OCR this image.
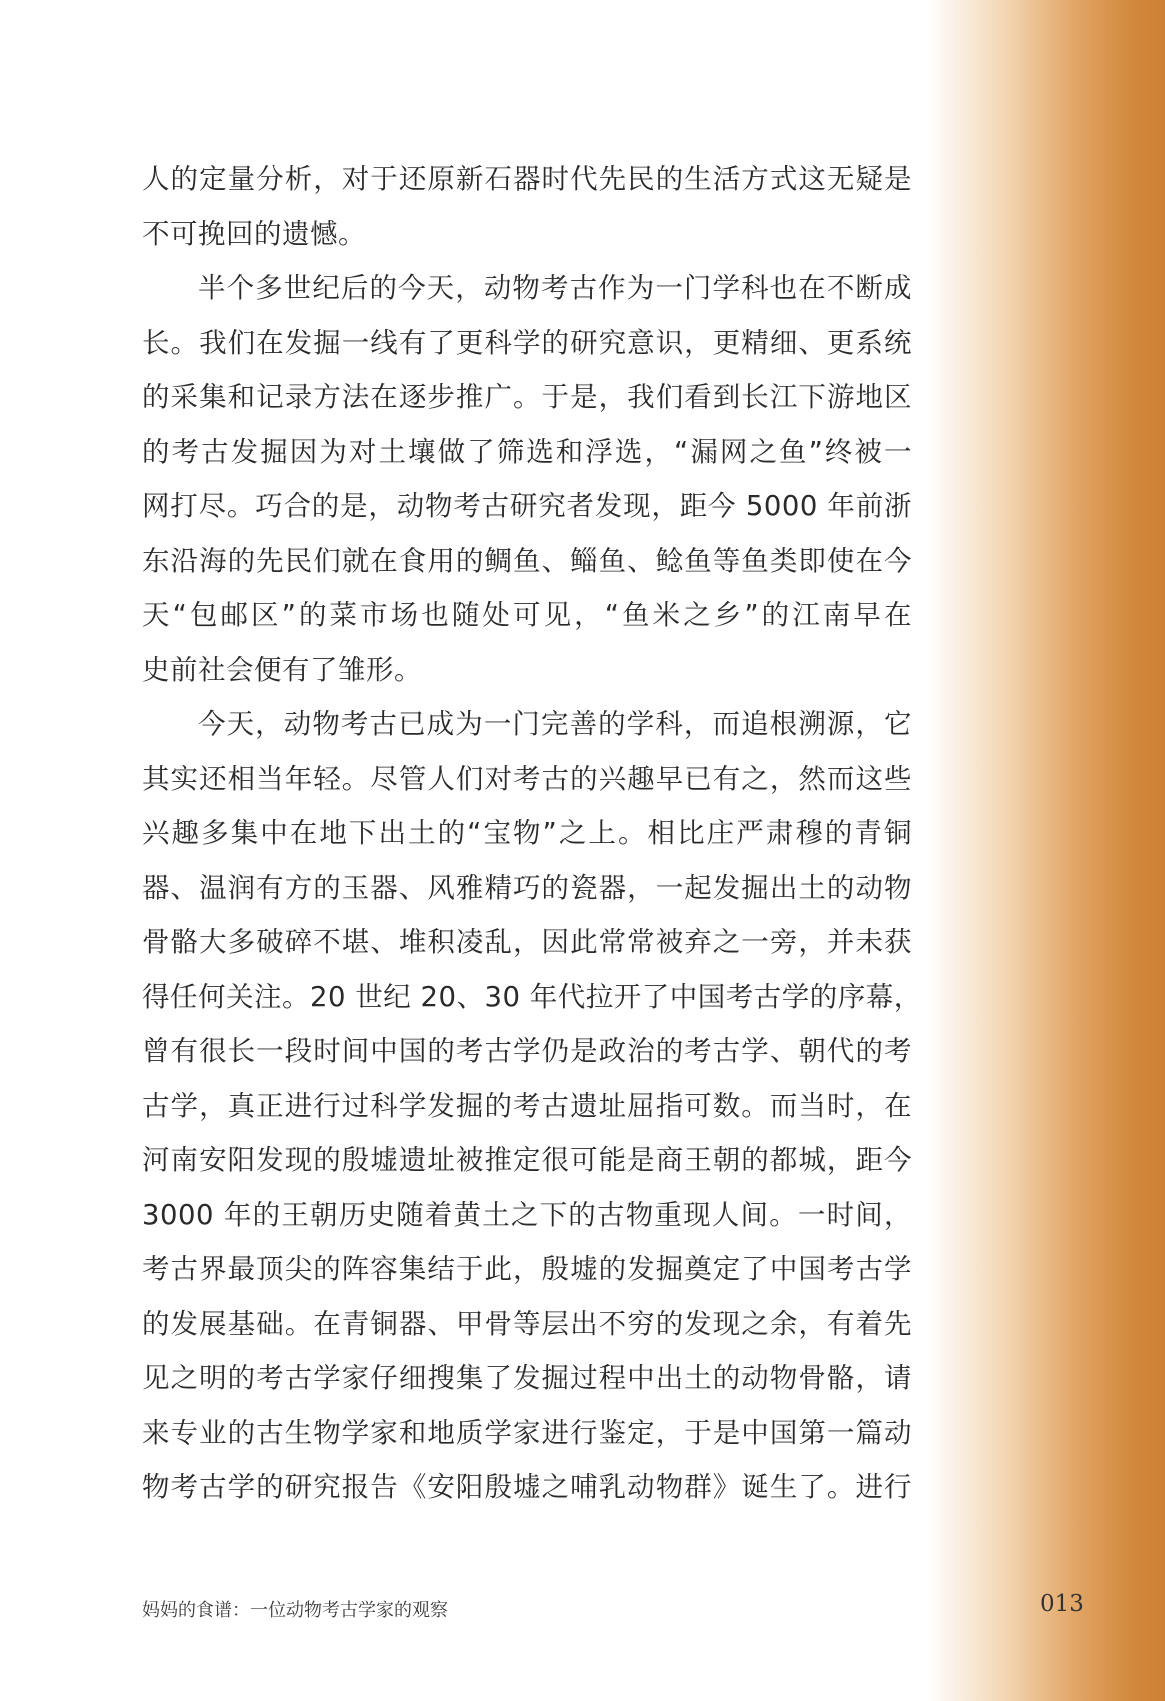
人的定量分析，对于还原新石器时代先民的生活方式这无疑是
不可挽回的遗憾。
半个多世纪后的今天，动物考古作为一门学科也在不断成
长。我们在发掘一线有了更科学的研究意识，更精细、更系统
的采集和记录方法在逐步推广。于是，我们看到长江下游地区
的考古发掘因为对土壤做了筛选和浮选，“漏网之鱼”终被一
网打尽。巧合的是，动物考古研究者发现，距今 5000 年前浙
东沿海的先民们就在食用的鲷鱼、鲻鱼、鲶鱼等鱼类即使在今
天“包邮区”的菜市场也随处可见，“鱼米之乡”的江南早在
史前社会便有了雏形。
今天，动物考古已成为一门完善的学科，而追根溯源，它
其实还相当年轻。尽管人们对考古的兴趣早已有之，然而这些
兴趣多集中在地下出土的“宝物”之上。相比庄严肃穆的青铜
器、温润有方的玉器、风雅精巧的瓷器，一起发掘出土的动物
骨骼大多破碎不堪、堆积凌乱，因此常常被弃之一旁，并未获
得任何关注。20 世纪 20、30 年代拉开了中国考古学的序幕，
曾有很长一段时间中国的考古学仍是政治的考古学、朝代的考
古学，真正进行过科学发掘的考古遗址屈指可数。而当时，在
河南安阳发现的殷墟遗址被推定很可能是商王朝的都城，距今
3000 年的王朝历史随着黄土之下的古物重现人间。一时间，
考古界最顶尖的阵容集结于此，殷墟的发掘奠定了中国考古学
的发展基础。在青铜器、甲骨等层出不穷的发现之余，有着先
见之明的考古学家仔细搜集了发掘过程中出土的动物骨骼，请
来专业的古生物学家和地质学家进行鉴定，于是中国第一篇动
物考古学的研究报告《安阳殷墟之哺乳动物群》诞生了。进行
妈妈的食谱：一位动物考古学家的观察	013
